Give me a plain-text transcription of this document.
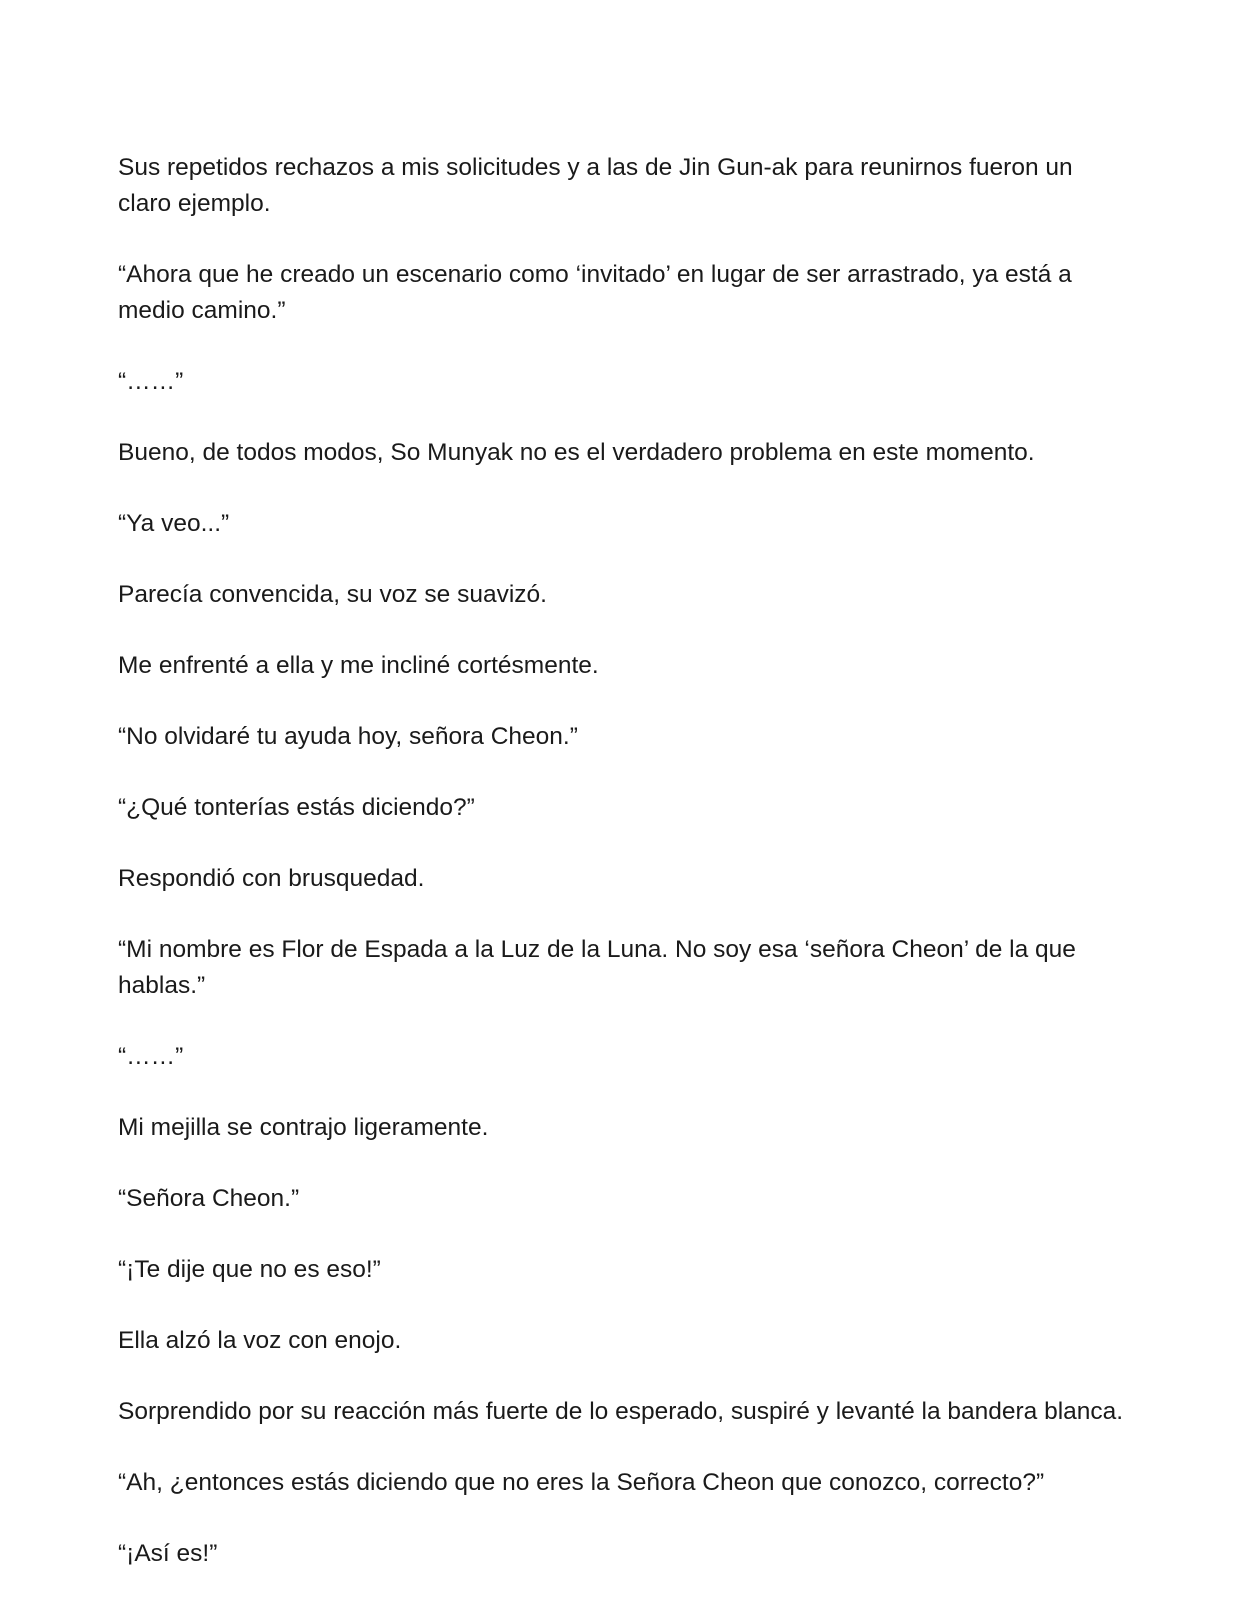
Sus repetidos rechazos a mis solicitudes y a las de Jin Gun-ak para reunirnos fueron un claro ejemplo.

“Ahora que he creado un escenario como ‘invitado’ en lugar de ser arrastrado, ya está a medio camino.”

“……”

Bueno, de todos modos, So Munyak no es el verdadero problema en este momento.

“Ya veo...”

Parecía convencida, su voz se suavizó.

Me enfrenté a ella y me incliné cortésmente.

“No olvidaré tu ayuda hoy, señora Cheon.”

“¿Qué tonterías estás diciendo?”

Respondió con brusquedad.

“Mi nombre es Flor de Espada a la Luz de la Luna. No soy esa ‘señora Cheon’ de la que hablas.”

“……”

Mi mejilla se contrajo ligeramente.

“Señora Cheon.”

“¡Te dije que no es eso!”

Ella alzó la voz con enojo.

Sorprendido por su reacción más fuerte de lo esperado, suspiré y levanté la bandera blanca.

“Ah, ¿entonces estás diciendo que no eres la Señora Cheon que conozco, correcto?”

“¡Así es!”
